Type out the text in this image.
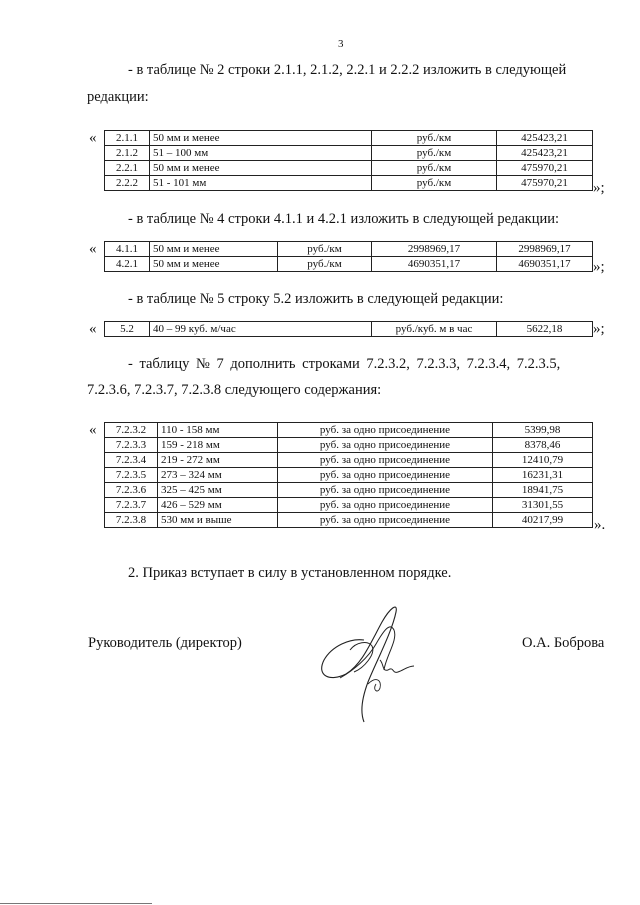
3
- в таблице № 2 строки 2.1.1, 2.1.2, 2.2.1 и 2.2.2 изложить в следующей
редакции:
« 2.1.1	50 мм и менее	руб./км	425423,21
2.1.2	51 – 100 мм	руб./км	425423,21
2.2.1	50 мм и менее	руб./км	475970,21
2.2.2	51 - 101 мм	руб./км	475970,21 »;
- в таблице № 4 строки 4.1.1 и 4.2.1 изложить в следующей редакции:
« 4.1.1	50 мм и менее	руб./км	2998969,17	2998969,17
4.2.1	50 мм и менее	руб./км	4690351,17	4690351,17 »;
- в таблице № 5 строку 5.2 изложить в следующей редакции:
« 5.2	40 – 99 куб. м/час	руб./куб. м в час	5622,18 »;
- таблицу № 7 дополнить строками 7.2.3.2, 7.2.3.3, 7.2.3.4, 7.2.3.5,
7.2.3.6, 7.2.3.7, 7.2.3.8 следующего содержания:
« 7.2.3.2	110 - 158 мм	руб. за одно присоединение	5399,98
7.2.3.3	159 - 218 мм	руб. за одно присоединение	8378,46
7.2.3.4	219 - 272 мм	руб. за одно присоединение	12410,79
7.2.3.5	273 – 324 мм	руб. за одно присоединение	16231,31
7.2.3.6	325 – 425 мм	руб. за одно присоединение	18941,75
7.2.3.7	426 – 529 мм	руб. за одно присоединение	31301,55
7.2.3.8	530 мм и выше	руб. за одно присоединение	40217,99 ».
2. Приказ вступает в силу в установленном порядке.
Руководитель (директор)	О.А. Боброва
